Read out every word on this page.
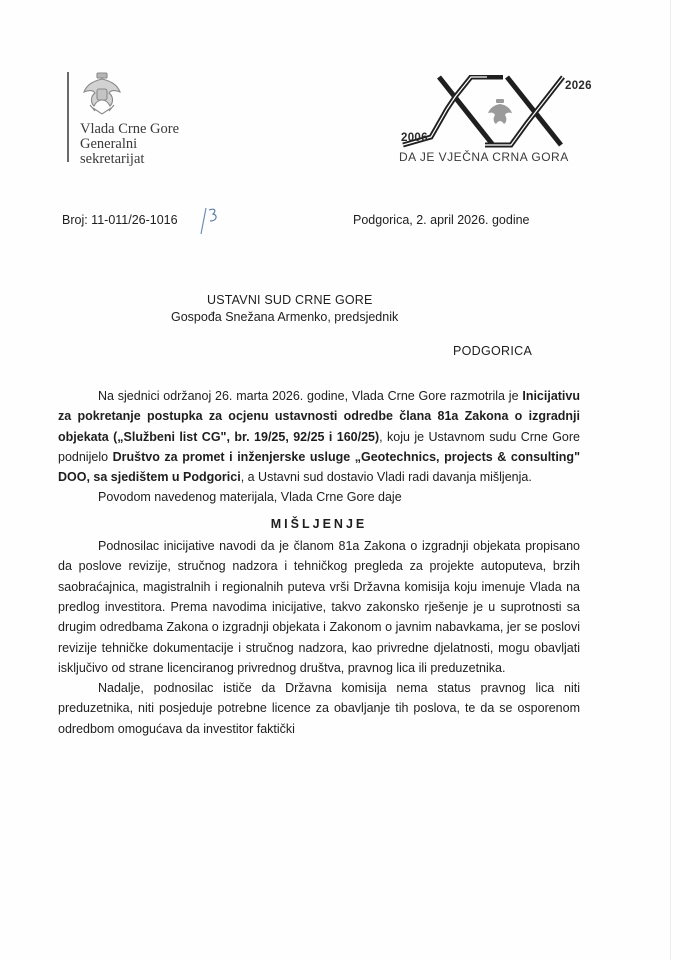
Vlada Crne Gore
Generalni
sekretarijat
2006
2026
DA JE VJEČNA CRNA GORA
Broj: 11-011/26-1016	Podgorica, 2. april 2026. godine
USTAVNI SUD CRNE GORE
Gospođa Snežana Armenko, predsjednik
PODGORICA

Na sjednici održanoj 26. marta 2026. godine, Vlada Crne Gore razmotrila je Inicijativu za pokretanje postupka za ocjenu ustavnosti odredbe člana 81a Zakona o izgradnji objekata („Službeni list CG", br. 19/25, 92/25 i 160/25), koju je Ustavnom sudu Crne Gore podnijelo Društvo za promet i inženjerske usluge „Geotechnics, projects & consulting" DOO, sa sjedištem u Podgorici, a Ustavni sud dostavio Vladi radi davanja mišljenja.

Povodom navedenog materijala, Vlada Crne Gore daje

MIŠLJENJE

Podnosilac inicijative navodi da je članom 81a Zakona o izgradnji objekata propisano da poslove revizije, stručnog nadzora i tehničkog pregleda za projekte autoputeva, brzih saobraćajnica, magistralnih i regionalnih puteva vrši Državna komisija koju imenuje Vlada na predlog investitora. Prema navodima inicijative, takvo zakonsko rješenje je u suprotnosti sa drugim odredbama Zakona o izgradnji objekata i Zakonom o javnim nabavkama, jer se poslovi revizije tehničke dokumentacije i stručnog nadzora, kao privredne djelatnosti, mogu obavljati isključivo od strane licenciranog privrednog društva, pravnog lica ili preduzetnika.

Nadalje, podnosilac ističe da Državna komisija nema status pravnog lica niti preduzetnika, niti posjeduje potrebne licence za obavljanje tih poslova, te da se osporenom odredbom omogućava da investitor faktički
